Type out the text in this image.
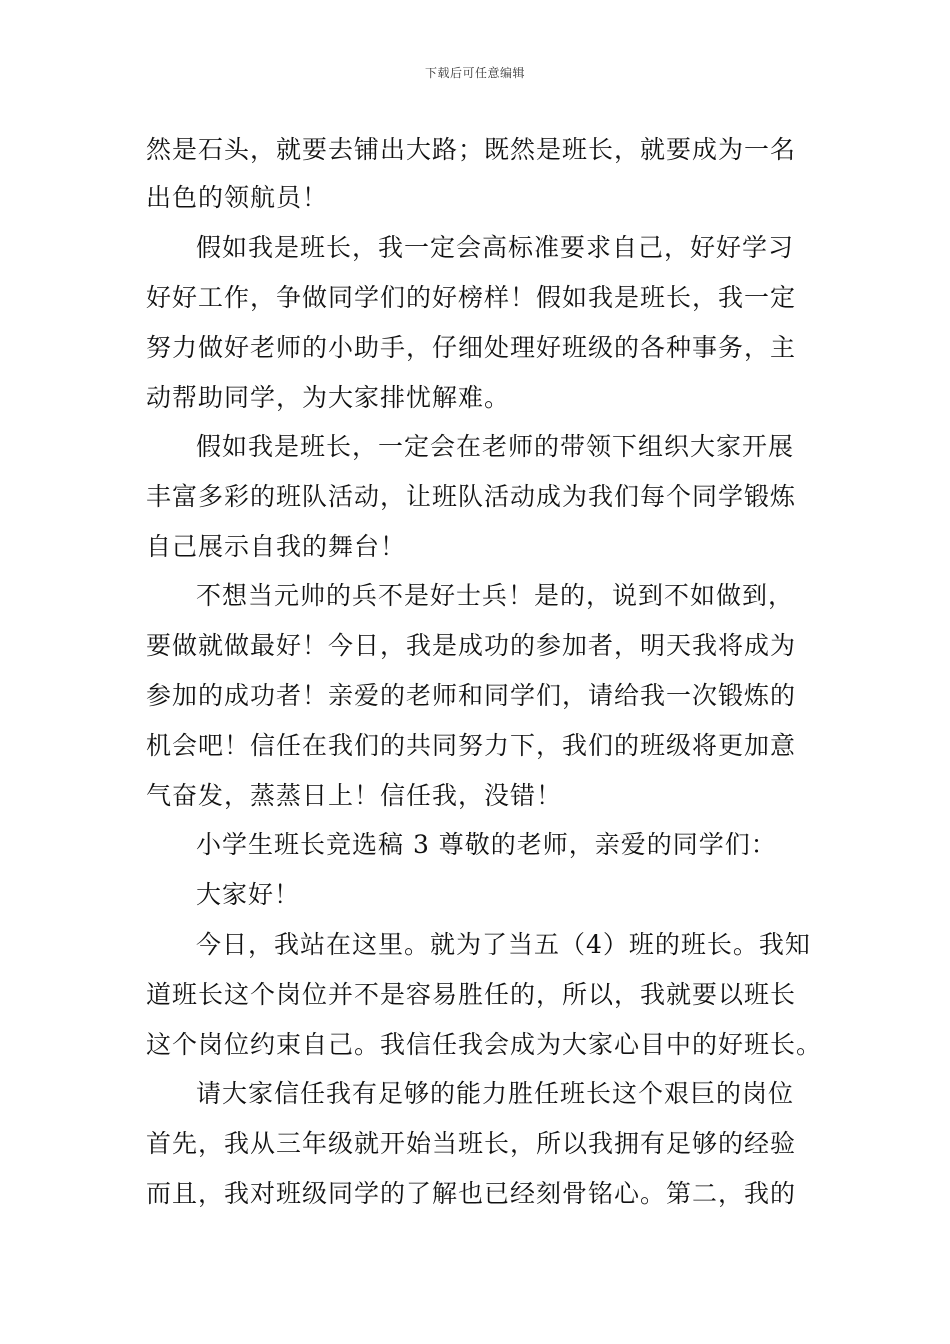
下载后可任意编辑
然是石头，就要去铺出大路；既然是班长，就要成为一名
出色的领航员！
假如我是班长，我一定会高标准要求自己，好好学习
好好工作，争做同学们的好榜样！假如我是班长，我一定
努力做好老师的小助手，仔细处理好班级的各种事务，主
动帮助同学，为大家排忧解难。
假如我是班长，一定会在老师的带领下组织大家开展
丰富多彩的班队活动，让班队活动成为我们每个同学锻炼
自己展示自我的舞台！
不想当元帅的兵不是好士兵！是的，说到不如做到，
要做就做最好！今日，我是成功的参加者，明天我将成为
参加的成功者！亲爱的老师和同学们，请给我一次锻炼的
机会吧！信任在我们的共同努力下，我们的班级将更加意
气奋发，蒸蒸日上！信任我，没错！
小学生班长竞选稿 3 尊敬的老师，亲爱的同学们：
大家好！
今日，我站在这里。就为了当五（4）班的班长。我知
道班长这个岗位并不是容易胜任的，所以，我就要以班长
这个岗位约束自己。我信任我会成为大家心目中的好班长。
请大家信任我有足够的能力胜任班长这个艰巨的岗位
首先，我从三年级就开始当班长，所以我拥有足够的经验
而且，我对班级同学的了解也已经刻骨铭心。第二，我的
